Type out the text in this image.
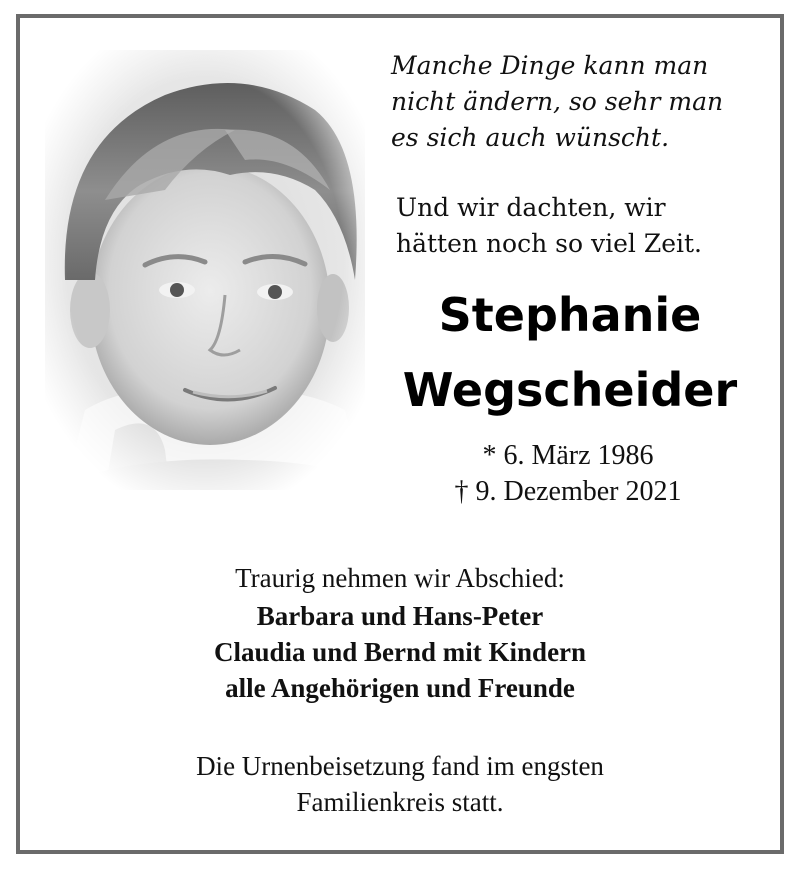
Manche Dinge kann man
nicht ändern, so sehr man
es sich auch wünscht.
Und wir dachten, wir
hätten noch so viel Zeit.
Stephanie
Wegscheider
* 6. März 1986
† 9. Dezember 2021
Traurig nehmen wir Abschied:
Barbara und Hans-Peter
Claudia und Bernd mit Kindern
alle Angehörigen und Freunde
Die Urnenbeisetzung fand im engsten
Familienkreis statt.
